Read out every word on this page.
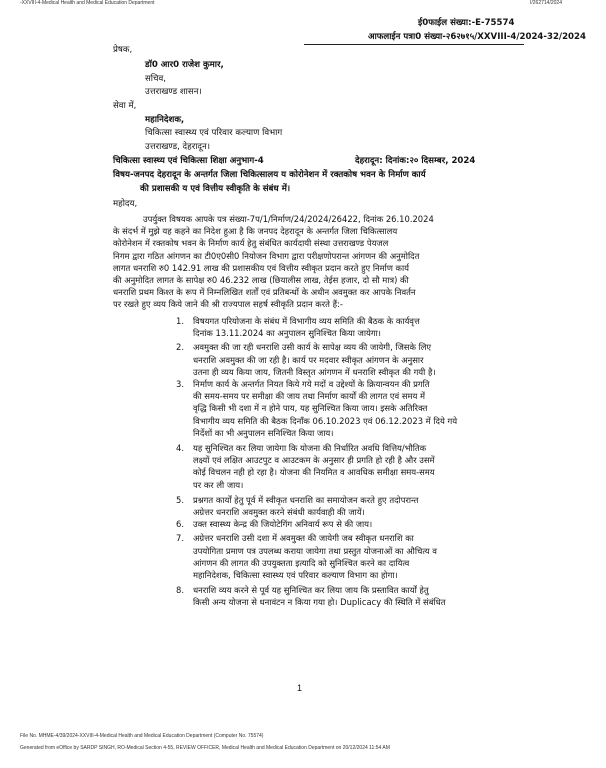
-XXVIII-4-Medical Health and Medical Education Department	I/262714/2024
ई0फाईल संख्या:-E-75574
आफलाईन पत्रा0 संख्या-२6२७१५/XXVIII-4/2024-32/2024
प्रेषक,
डॉ0 आर0 राजेश कुमार,
सचिव,
उत्तराखण्ड शासन।
सेवा में,
महानिदेशक,
चिकित्सा स्वास्थ्य एवं परिवार कल्याण विभाग
उत्तराखण्ड, देहरादून।
चिकित्सा स्वास्थ्य एवं चिकित्सा शिक्षा अनुभाग-4	देहरादून: दिनांक:२० दिसम्बर, 2024
विषय-जनपद देहरादून के अन्तर्गत जिला चिकित्सालय य कोरोनेशन में रक्तकोष भवन के निर्माण कार्य
की प्रशासकी य एवं वित्तीय स्वीकृति के संबंध में।
महोदय,
उपर्युक्त विषयक आपके पत्र संख्या-7प/1/निर्माण/24/2024/26422, दिनांक 26.10.2024
के संदर्भ में मुझे यह कहने का निदेश हुआ है कि जनपद देहरादून के अन्तर्गत जिला चिकित्सालय
कोरोनेशन में रक्तकोष भवन के निर्माण कार्य हेतु संबंधित कार्यदायी संस्था उत्तराखण्ड पेयजल
निगम द्वारा गठित आंगणन का टी0ए0सी0 नियोजन विभाग द्वारा परीक्षणोपरान्त आंगणन की अनुमोदित
लागत धनराशि रु0 142.91 लाख की प्रशासकीय एवं वित्तीय स्वीकृत प्रदान करते हुए निर्माण कार्य
की अनुमोदित लागत के सापेक्ष रु0 46.232 लाख (छियालीस लाख, तेईस हजार, दो सौ मात्र) की
धनराशि प्रथम किश्त के रूप में निम्नलिखित शर्तों एवं प्रतिबन्धों के अधीन अवमुक्त कर आपके निवर्तन
पर रखते हुए व्यय किये जाने की श्री राज्यपाल सहर्ष स्वीकृति प्रदान करते हैं:-
1. विषयगत परियोजना के संबंध में विभागीय व्यय समिति की बैठक के कार्यवृत्त
दिनांक 13.11.2024 का अनुपालन सुनिश्चित किया जायेगा।
2. अवमुक्त की जा रही धनराशि उसी कार्य के सापेक्ष व्यय की जायेगी, जिसके लिए
धनराशि अवमुक्त की जा रही है। कार्य पर मदवार स्वीकृत आंगणन के अनुसार
उतना ही व्यय किया जाय, जितनी विस्तृत आंगणन में धनराशि स्वीकृत की गयी है।
3. निर्माण कार्य के अन्तर्गत नियत किये गये मदों व उद्देश्यों के क्रियान्वयन की प्रगति
की समय-समय पर समीक्षा की जाय तथा निर्माण कार्यों की लागत एवं समय में
वृद्धि किसी भी दशा में न होने पाय, यह सुनिश्चित किया जाय। इसके अतिरिक्त
विभागीय व्यय समिति की बैठक दिनाँक 06.10.2023 एवं 06.12.2023 में दिये गये
निर्देशों का भी अनुपालन सनिश्चित किया जाय।
4. यह सुनिश्चित कर लिया जायेगा कि योजना की निर्धारित अवधि वित्तिय/भौतिक
लक्ष्यों एवं लक्षित आउटपुट व आउटकम के अनुसार ही प्रगति हो रही है और उसमें
कोई विचलन नही हो रहा है। योजना की नियमित व आवधिक समीक्षा समय-समय
पर कर ली जाय।
5. प्रश्नगत कार्यों हेतु पूर्व में स्वीकृत धनराशि का समायोजन करते हुए तदोपरान्त
अग्रेत्तर धनराशि अवमुक्त करने संबंधी कार्यवाही की जायें।
6. उक्त स्वास्थ्य केन्द्र की जियोटेगिंग अनिवार्य रूप से की जाय।
7. अग्रेत्तर धनराशि उसी दशा में अवमुक्त की जायेगी जब स्वीकृत धनराशि का
उपयोगिता प्रमाण पत्र उपलब्ध कराया जायेगा तथा प्रस्तुत योजनाओं का औचित्य व
आंगणन की लागत की उपयुक्तता इत्यादि को सुनिश्चित करने का दायित्व
महानिदेशक, चिकित्सा स्वास्थ्य एवं परिवार कल्याण विभाग का होगा।
8. धनराशि व्यय करने से पूर्व यह सुनिश्चित कर लिया जाय कि प्रस्तावित कार्यों हेतु
किसी अन्य योजना से धनावंटन न किया गया हो। Duplicacy की स्थिति में संबंधित
1
File No. MHME-4/39/2024-XXVIII-4-Medical Health and Medical Education Department (Computer No. 75574)
Generated from eOffice by SARDP SINGH, RO-Medical Section 4-55, REVIEW OFFICER, Medical Health and Medical Education Department on 20/12/2024 11:54 AM
